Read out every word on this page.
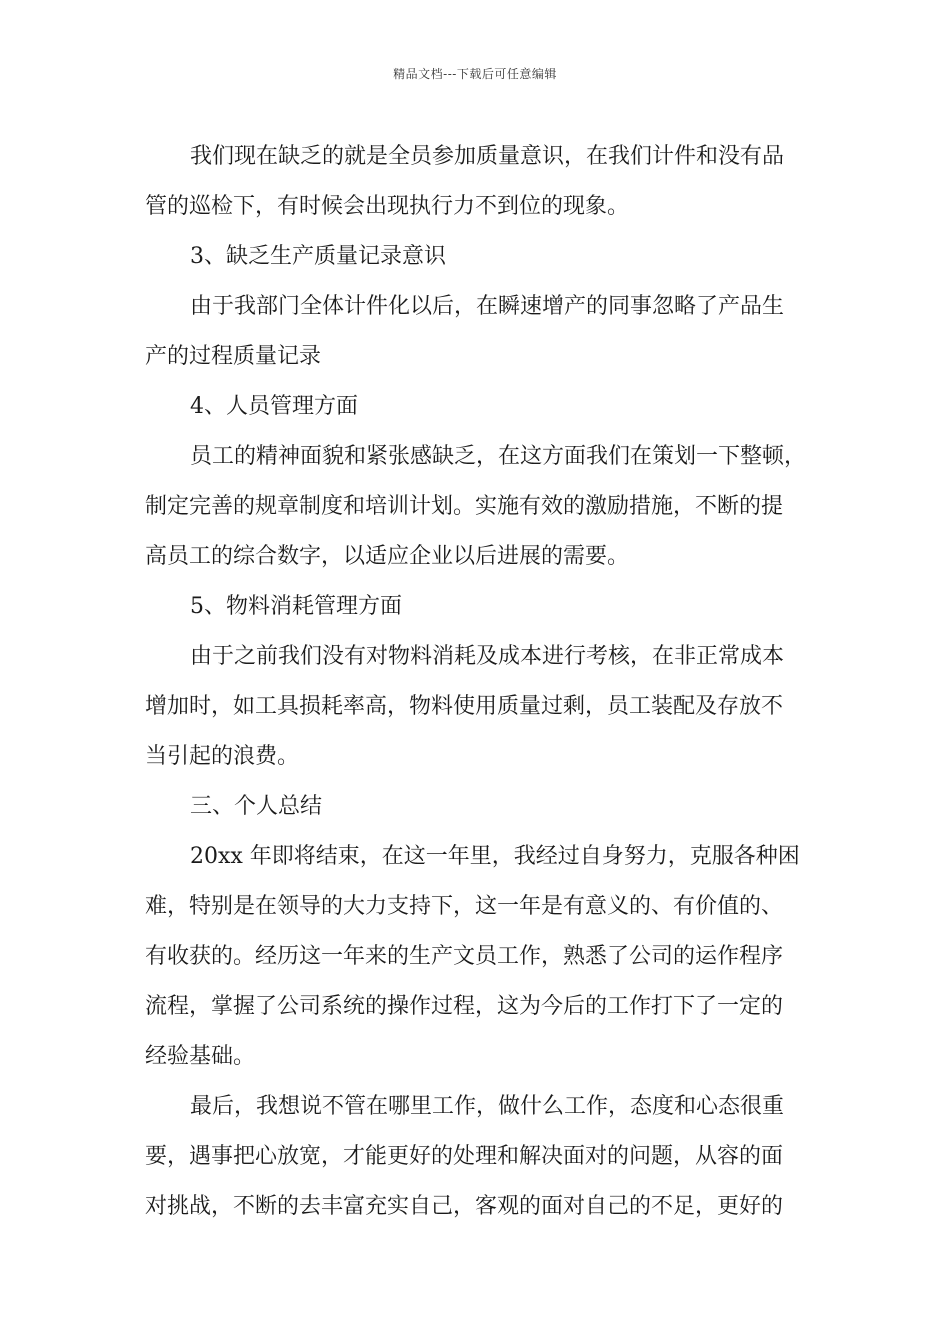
精品文档---下载后可任意编辑
我们现在缺乏的就是全员参加质量意识，在我们计件和没有品
管的巡检下，有时候会出现执行力不到位的现象。
3、缺乏生产质量记录意识
由于我部门全体计件化以后，在瞬速增产的同事忽略了产品生
产的过程质量记录
4、人员管理方面
员工的精神面貌和紧张感缺乏，在这方面我们在策划一下整顿，
制定完善的规章制度和培训计划。实施有效的激励措施，不断的提
高员工的综合数字，以适应企业以后进展的需要。
5、物料消耗管理方面
由于之前我们没有对物料消耗及成本进行考核，在非正常成本
增加时，如工具损耗率高，物料使用质量过剩，员工装配及存放不
当引起的浪费。
三、个人总结
20xx 年即将结束，在这一年里，我经过自身努力，克服各种困
难，特别是在领导的大力支持下，这一年是有意义的、有价值的、
有收获的。经历这一年来的生产文员工作，熟悉了公司的运作程序
流程，掌握了公司系统的操作过程，这为今后的工作打下了一定的
经验基础。
最后，我想说不管在哪里工作，做什么工作，态度和心态很重
要，遇事把心放宽，才能更好的处理和解决面对的问题，从容的面
对挑战，不断的去丰富充实自己，客观的面对自己的不足，更好的
